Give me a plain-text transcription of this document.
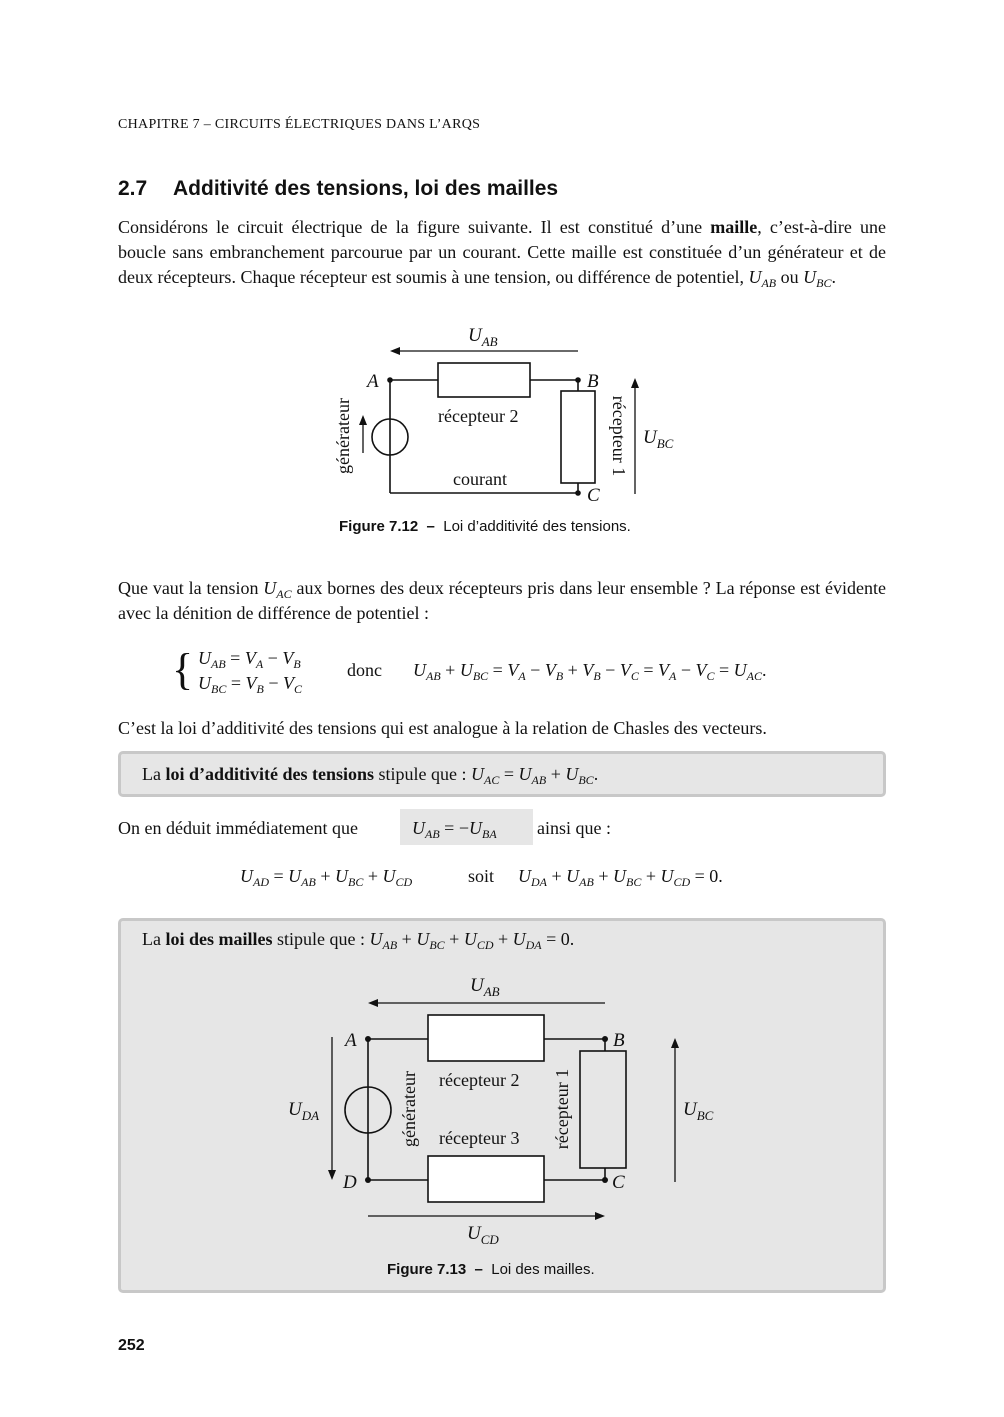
CHAPITRE 7 – CIRCUITS ÉLECTRIQUES DANS L’ARQS
2.7 Additivité des tensions, loi des mailles
Considérons le circuit électrique de la figure suivante. Il est constitué d’une maille, c’est-à-dire une boucle sans embranchement parcourue par un courant. Cette maille est constituée d’un générateur et de deux récepteurs. Chaque récepteur est soumis à une tension, ou différence de potentiel, $U_{AB}$ ou $U_{BC}$.
$U_{AB}$
A	B
C
récepteur 2
courant
générateur	récepteur 1 $U_{BC}$
Figure 7.12 – Loi d’additivité des tensions.
Que vaut la tension $U_{AC}$ aux bornes des deux récepteurs pris dans leur ensemble ? La réponse est évidente avec la dénition de différence de potentiel :
{ $U_{AB} = V_A - V_B$
$U_{BC} = V_B - V_C$
donc $U_{AB} + U_{BC} = V_A - V_B + V_B - V_C = V_A - V_C = U_{AC}$.
C’est la loi d’additivité des tensions qui est analogue à la relation de Chasles des vecteurs.
La loi d’additivité des tensions stipule que : $U_{AC} = U_{AB} + U_{BC}$.
On en déduit immédiatement que	$U_{AB} = -U_{BA}$ ainsi que :
$U_{AD} = U_{AB} + U_{BC} + U_{CD}$	soit $U_{DA} + U_{AB} + U_{BC} + U_{CD} = 0$.
La loi des mailles stipule que : $U_{AB} + U_{BC} + U_{CD} + U_{DA} = 0$.
$U_{AB}$
A	B
C
D
récepteur 2
récepteur 3
générateur	récepteur 1
$U_{DA}$	$U_{BC}$
$U_{CD}$
Figure 7.13 – Loi des mailles.
252
